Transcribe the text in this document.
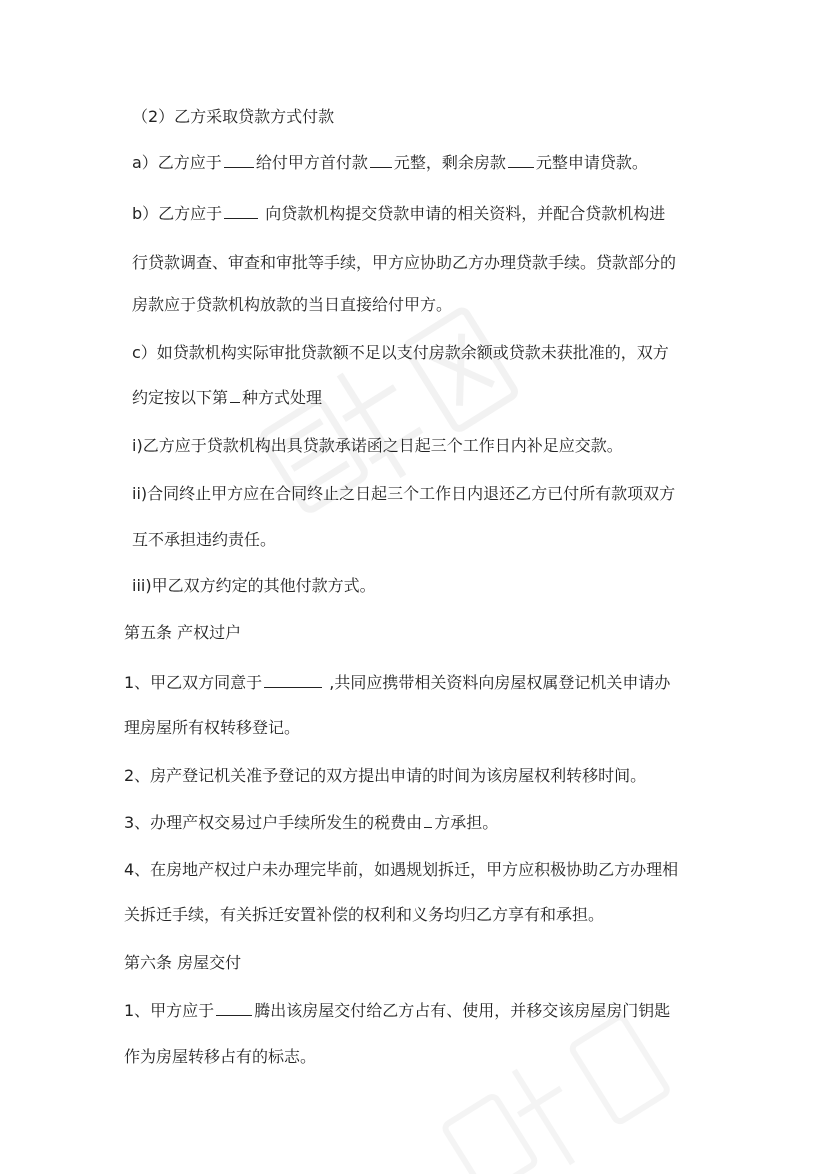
（2）乙方采取贷款方式付款
a）乙方应于 给付甲方首付款 元整，剩余房款 元整申请贷款。
b）乙方应于 向贷款机构提交贷款申请的相关资料，并配合贷款机构进
行贷款调查、审查和审批等手续，甲方应协助乙方办理贷款手续。贷款部分的
房款应于贷款机构放款的当日直接给付甲方。
c）如贷款机构实际审批贷款额不足以支付房款余额或贷款未获批准的，双方
约定按以下第 种方式处理
i)乙方应于贷款机构出具贷款承诺函之日起三个工作日内补足应交款。
ii)合同终止甲方应在合同终止之日起三个工作日内退还乙方已付所有款项双方
互不承担违约责任。
iii)甲乙双方约定的其他付款方式。
第五条 产权过户
1、甲乙双方同意于	,共同应携带相关资料向房屋权属登记机关申请办
理房屋所有权转移登记。
2、房产登记机关准予登记的双方提出申请的时间为该房屋权利转移时间。
3、办理产权交易过户手续所发生的税费由 方承担。
4、在房地产权过户未办理完毕前，如遇规划拆迁，甲方应积极协助乙方办理相
关拆迁手续，有关拆迁安置补偿的权利和义务均归乙方享有和承担。
第六条 房屋交付
1、甲方应于	腾出该房屋交付给乙方占有、使用，并移交该房屋房门钥匙
作为房屋转移占有的标志。
